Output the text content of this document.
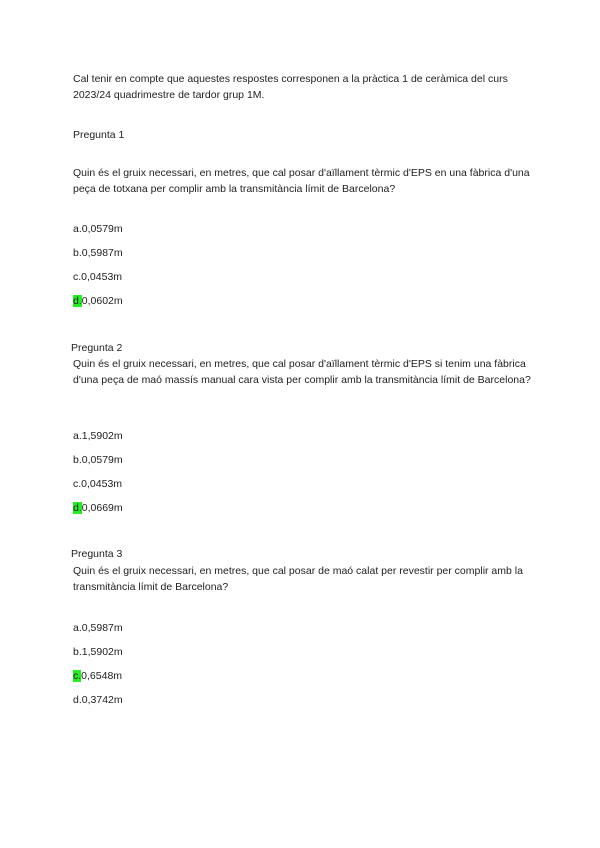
Cal tenir en compte que aquestes respostes corresponen a la pràctica 1 de ceràmica del curs 2023/24 quadrimestre de tardor grup 1M.

Pregunta 1

Quin és el gruix necessari, en metres, que cal posar d'aïllament tèrmic d'EPS en una fàbrica d'una peça de totxana per complir amb la transmitància límit de Barcelona?

a.0,0579m
b.0,5987m
c.0,0453m
d.0,0602m

Pregunta 2

Quin és el gruix necessari, en metres, que cal posar d'aïllament tèrmic d'EPS si tenim una fàbrica d'una peça de maó massís manual cara vista per complir amb la transmitància límit de Barcelona?

a.1,5902m
b.0,0579m
c.0,0453m
d.0,0669m

Pregunta 3

Quin és el gruix necessari, en metres, que cal posar de maó calat per revestir per complir amb la transmitància límit de Barcelona?

a.0,5987m
b.1,5902m
c.0,6548m
d.0,3742m
